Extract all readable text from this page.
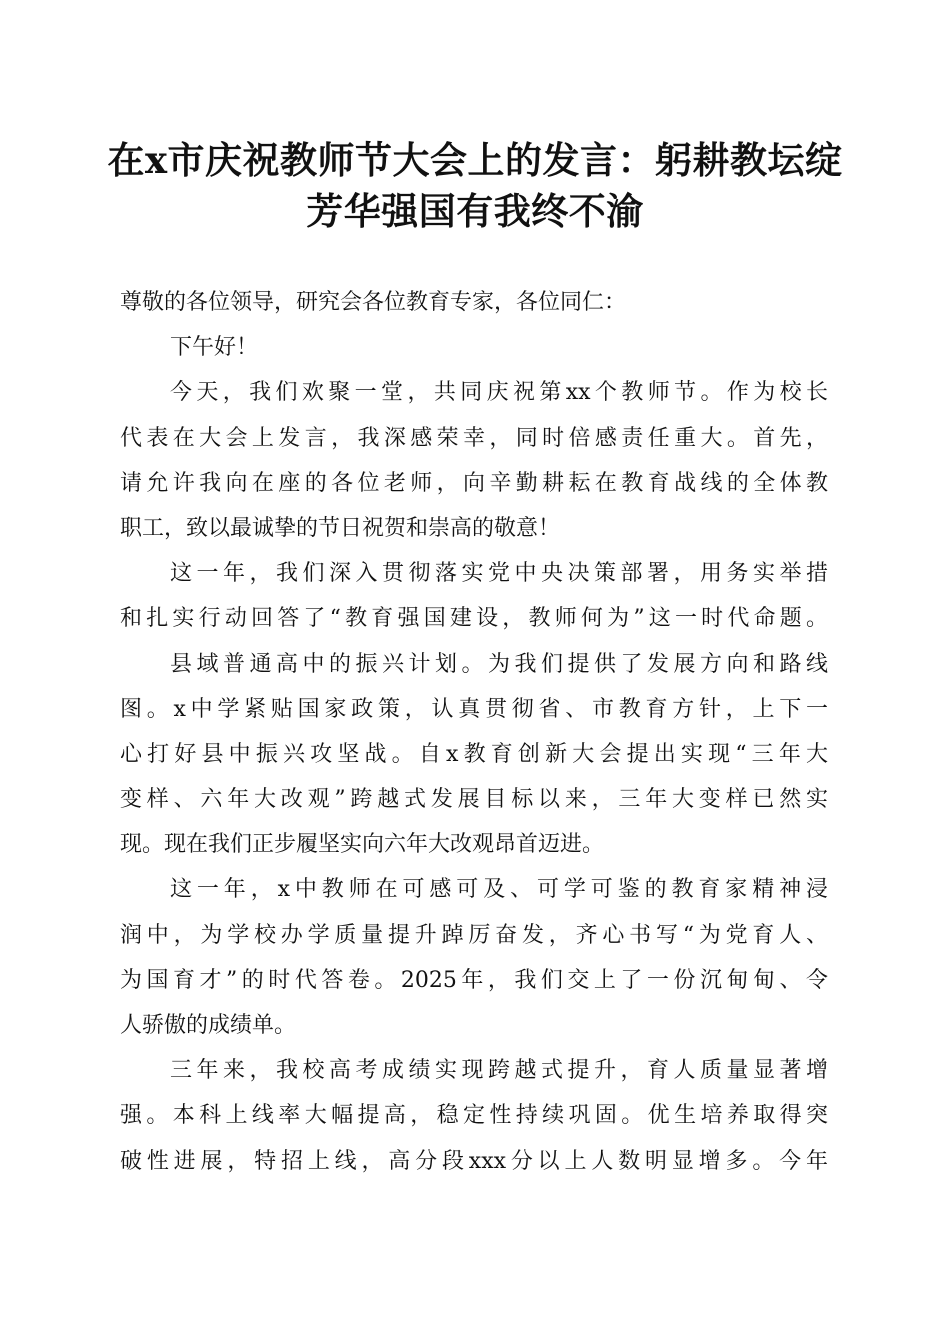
在x市庆祝教师节大会上的发言：躬耕教坛绽
芳华强国有我终不渝
尊敬的各位领导，研究会各位教育专家，各位同仁：
下午好！
今天，我们欢聚一堂，共同庆祝第xx个教师节。作为校长
代表在大会上发言，我深感荣幸，同时倍感责任重大。首先，
请允许我向在座的各位老师，向辛勤耕耘在教育战线的全体教
职工，致以最诚挚的节日祝贺和崇高的敬意！
这一年，我们深入贯彻落实党中央决策部署，用务实举措
和扎实行动回答了“教育强国建设，教师何为”这一时代命题。
县域普通高中的振兴计划。为我们提供了发展方向和路线
图。x中学紧贴国家政策，认真贯彻省、市教育方针，上下一
心打好县中振兴攻坚战。自x教育创新大会提出实现“三年大
变样、六年大改观”跨越式发展目标以来，三年大变样已然实
现。现在我们正步履坚实向六年大改观昂首迈进。
这一年，x中教师在可感可及、可学可鉴的教育家精神浸
润中，为学校办学质量提升踔厉奋发，齐心书写“为党育人、
为国育才”的时代答卷。2025年，我们交上了一份沉甸甸、令
人骄傲的成绩单。
三年来，我校高考成绩实现跨越式提升，育人质量显著增
强。本科上线率大幅提高，稳定性持续巩固。优生培养取得突
破性进展，特招上线，高分段xxx分以上人数明显增多。今年
